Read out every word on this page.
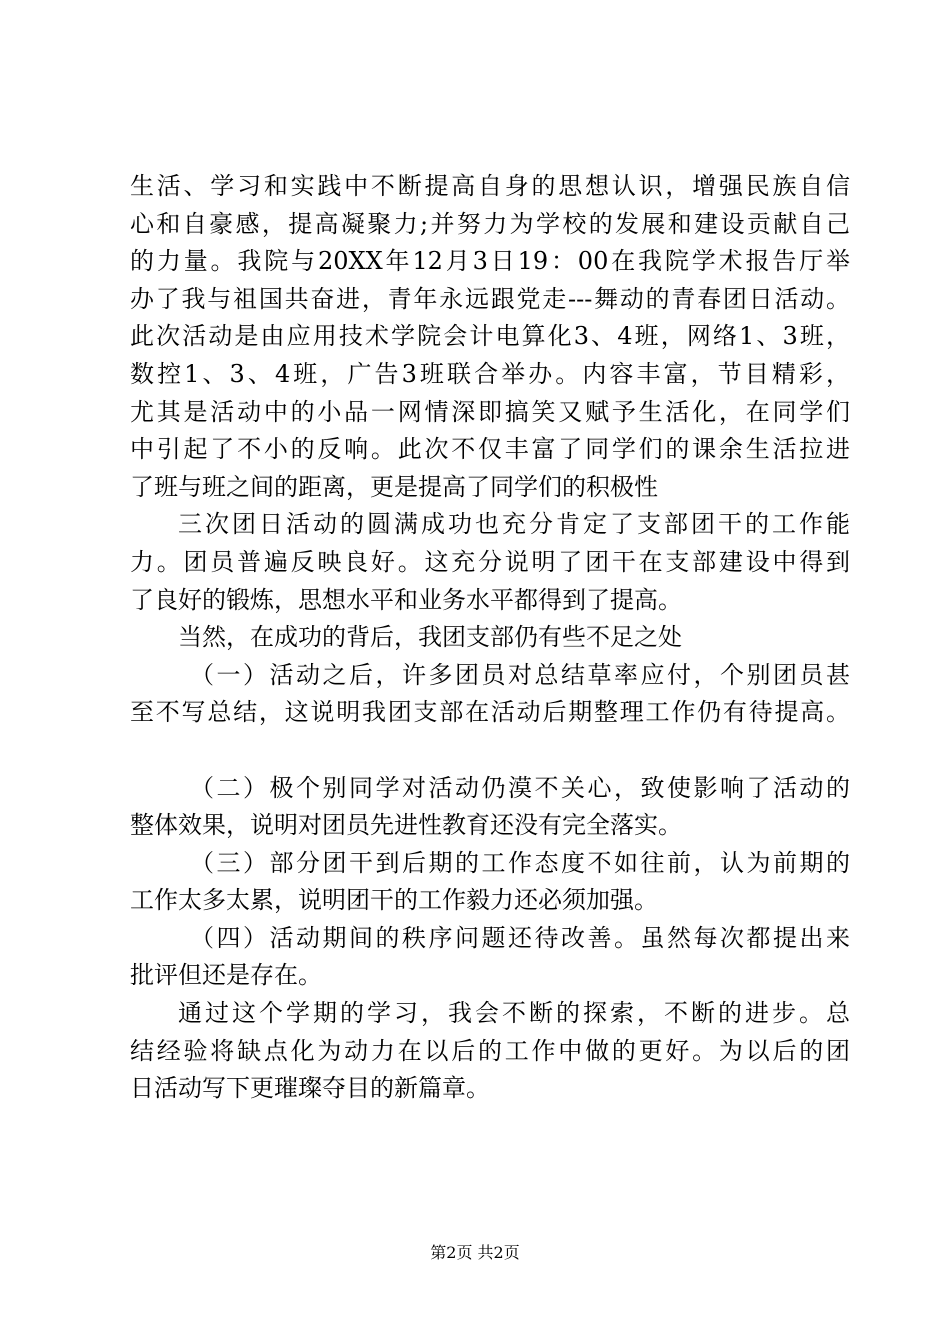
生活、学习和实践中不断提高自身的思想认识，增强民族自信
心和自豪感，提高凝聚力;并努力为学校的发展和建设贡献自己
的力量。我院与20XX年12月3日19：00在我院学术报告厅举
办了我与祖国共奋进，青年永远跟党走---舞动的青春团日活动。
此次活动是由应用技术学院会计电算化3、4班，网络1、3班，
数控1、3、4班，广告3班联合举办。内容丰富，节目精彩，
尤其是活动中的小品一网情深即搞笑又赋予生活化，在同学们
中引起了不小的反响。此次不仅丰富了同学们的课余生活拉进
了班与班之间的距离，更是提高了同学们的积极性
三次团日活动的圆满成功也充分肯定了支部团干的工作能
力。团员普遍反映良好。这充分说明了团干在支部建设中得到
了良好的锻炼，思想水平和业务水平都得到了提高。
当然，在成功的背后，我团支部仍有些不足之处
（一）活动之后，许多团员对总结草率应付，个别团员甚
至不写总结，这说明我团支部在活动后期整理工作仍有待提高。
（二）极个别同学对活动仍漠不关心，致使影响了活动的
整体效果，说明对团员先进性教育还没有完全落实。
（三）部分团干到后期的工作态度不如往前，认为前期的
工作太多太累，说明团干的工作毅力还必须加强。
（四）活动期间的秩序问题还待改善。虽然每次都提出来
批评但还是存在。
通过这个学期的学习，我会不断的探索，不断的进步。总
结经验将缺点化为动力在以后的工作中做的更好。为以后的团
日活动写下更璀璨夺目的新篇章。
第2页 共2页
